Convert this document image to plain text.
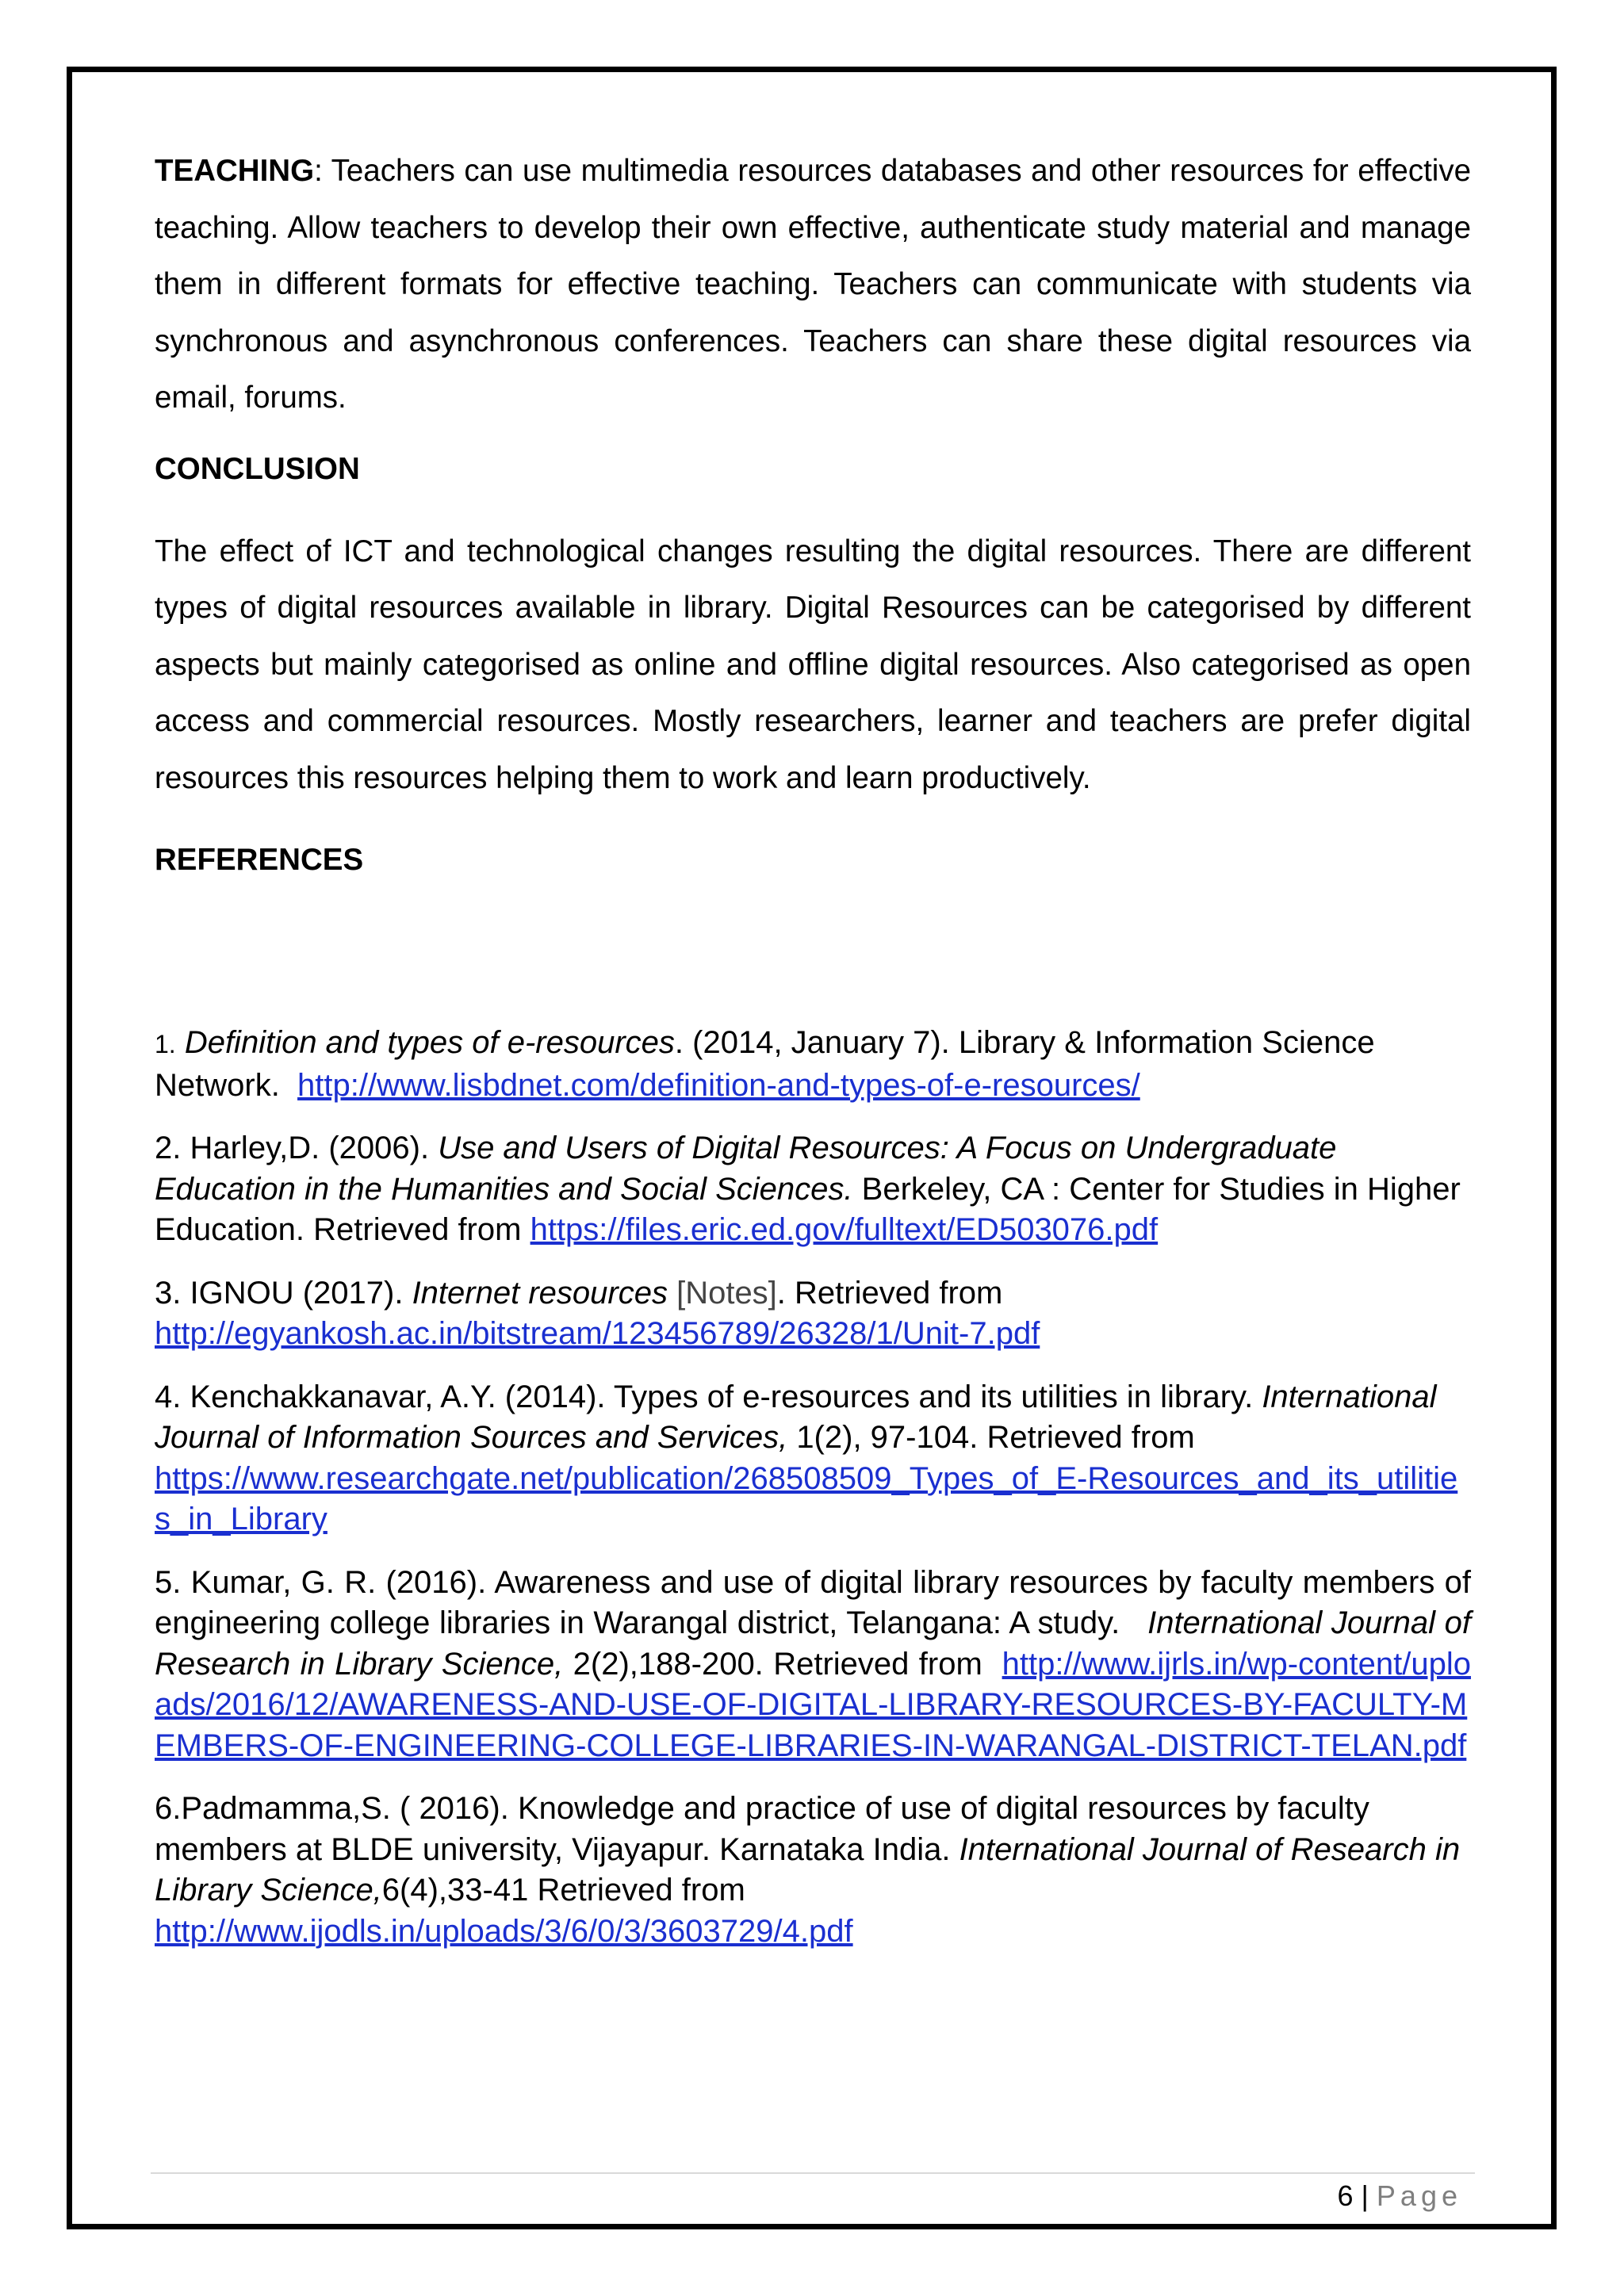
TEACHING: Teachers can use multimedia resources databases and other resources for effective teaching. Allow teachers to develop their own effective, authenticate study material and manage them in different formats for effective teaching. Teachers can communicate with students via synchronous and asynchronous conferences. Teachers can share these digital resources via email, forums.

CONCLUSION

The effect of ICT and technological changes resulting the digital resources. There are different types of digital resources available in library. Digital Resources can be categorised by different aspects but mainly categorised as online and offline digital resources. Also categorised as open access and commercial resources. Mostly researchers, learner and teachers are prefer digital resources this resources helping them to work and learn productively.

REFERENCES

1. Definition and types of e-resources. (2014, January 7). Library & Information Science Network. http://www.lisbdnet.com/definition-and-types-of-e-resources/

2. Harley,D. (2006). Use and Users of Digital Resources: A Focus on Undergraduate Education in the Humanities and Social Sciences. Berkeley, CA : Center for Studies in Higher Education. Retrieved from https://files.eric.ed.gov/fulltext/ED503076.pdf

3. IGNOU (2017). Internet resources [Notes]. Retrieved from
http://egyankosh.ac.in/bitstream/123456789/26328/1/Unit-7.pdf

4. Kenchakkanavar, A.Y. (2014). Types of e-resources and its utilities in library. International Journal of Information Sources and Services, 1(2), 97-104. Retrieved from
https://www.researchgate.net/publication/268508509_Types_of_E-Resources_and_its_utilities_in_Library

5. Kumar, G. R. (2016). Awareness and use of digital library resources by faculty members of engineering college libraries in Warangal district, Telangana: A study. International Journal of Research in Library Science, 2(2),188-200. Retrieved from http://www.ijrls.in/wp-content/uploads/2016/12/AWARENESS-AND-USE-OF-DIGITAL-LIBRARY-RESOURCES-BY-FACULTY-MEMBERS-OF-ENGINEERING-COLLEGE-LIBRARIES-IN-WARANGAL-DISTRICT-TELAN.pdf

6.Padmamma,S. ( 2016). Knowledge and practice of use of digital resources by faculty members at BLDE university, Vijayapur. Karnataka India. International Journal of Research in Library Science,6(4),33-41 Retrieved from
http://www.ijodls.in/uploads/3/6/0/3/3603729/4.pdf

6 | Page
